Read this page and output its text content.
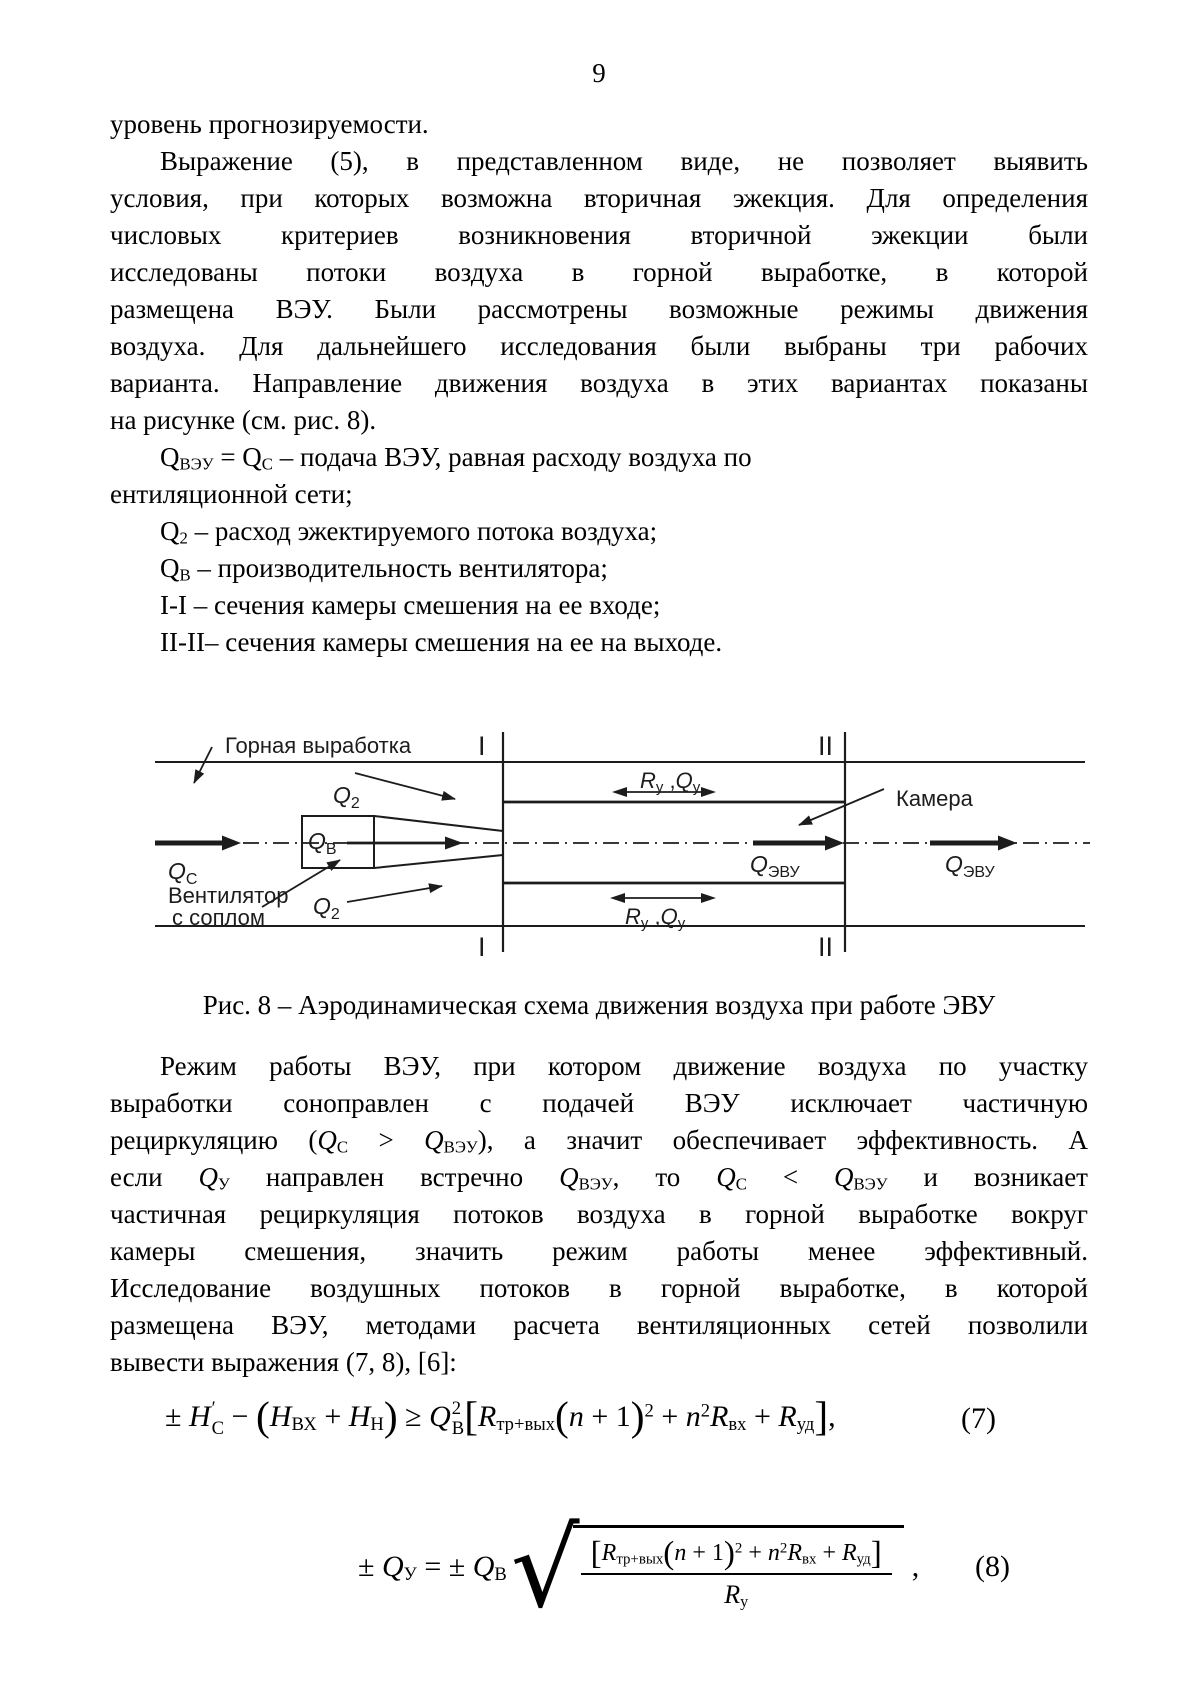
9
уровень прогнозируемости.
Выражение (5), в представленном виде, не позволяет выявить
условия, при которых возможна вторичная эжекция. Для определения
числовых критериев возникновения вторичной эжекции были
исследованы потоки воздуха в горной выработке, в которой
размещена ВЭУ. Были рассмотрены возможные режимы движения
воздуха. Для дальнейшего исследования были выбраны три рабочих
варианта. Направление движения воздуха в этих вариантах показаны
на рисунке (см. рис. 8).
$Q_{ВЭУ} = Q_С$ – подача ВЭУ, равная расходу воздуха по
ентиляционной сети;
$Q_2$ – расход эжектируемого потока воздуха;
$Q_В$ – производительность вентилятора;
I-I – сечения камеры смешения на ее входе;
II-II– сечения камеры смешения на ее на выходе.
Горная выработка I	II
I	II
$Q_2$
$Q_В$
$Q_С$
Вентилятор
с соплом $Q_2$
Камера
$Q_{ЭВУ}$	$Q_{ЭВУ}$
Rу ,Qу
Rу ,Qу
Рис. 8 – Аэродинамическая схема движения воздуха при работе ЭВУ
Режим работы ВЭУ, при котором движение воздуха по участку
выработки соноправлен с подачей ВЭУ исключает частичную
рециркуляцию $(Q_С > Q_{ВЭУ})$, а значит обеспечивает эффективность. А
если $Q_У$ направлен встречно $Q_{ВЭУ}$, то $Q_С < Q_{ВЭУ}$ и возникает
частичная рециркуляция потоков воздуха в горной выработке вокруг
камеры смешения, значить режим работы менее эффективный.
Исследование воздушных потоков в горной выработке, в которой
размещена ВЭУ, методами расчета вентиляционных сетей позволили
вывести выражения (7, 8), [6]:
± H ′
$С - (H_{ВХ} + H_Н) \ge Q$ 2
В $[R_{тр+вых}(n + 1)^2 + n^2R_{вх} + R_{уд}]$,	(7)
± $Q_У$ = ± $Q_В$ √ $\frac{[R_{тр+вых}(n + 1)^2 + n^2R_{вх} + R_{уд}]}{R_у}$ , (8)
